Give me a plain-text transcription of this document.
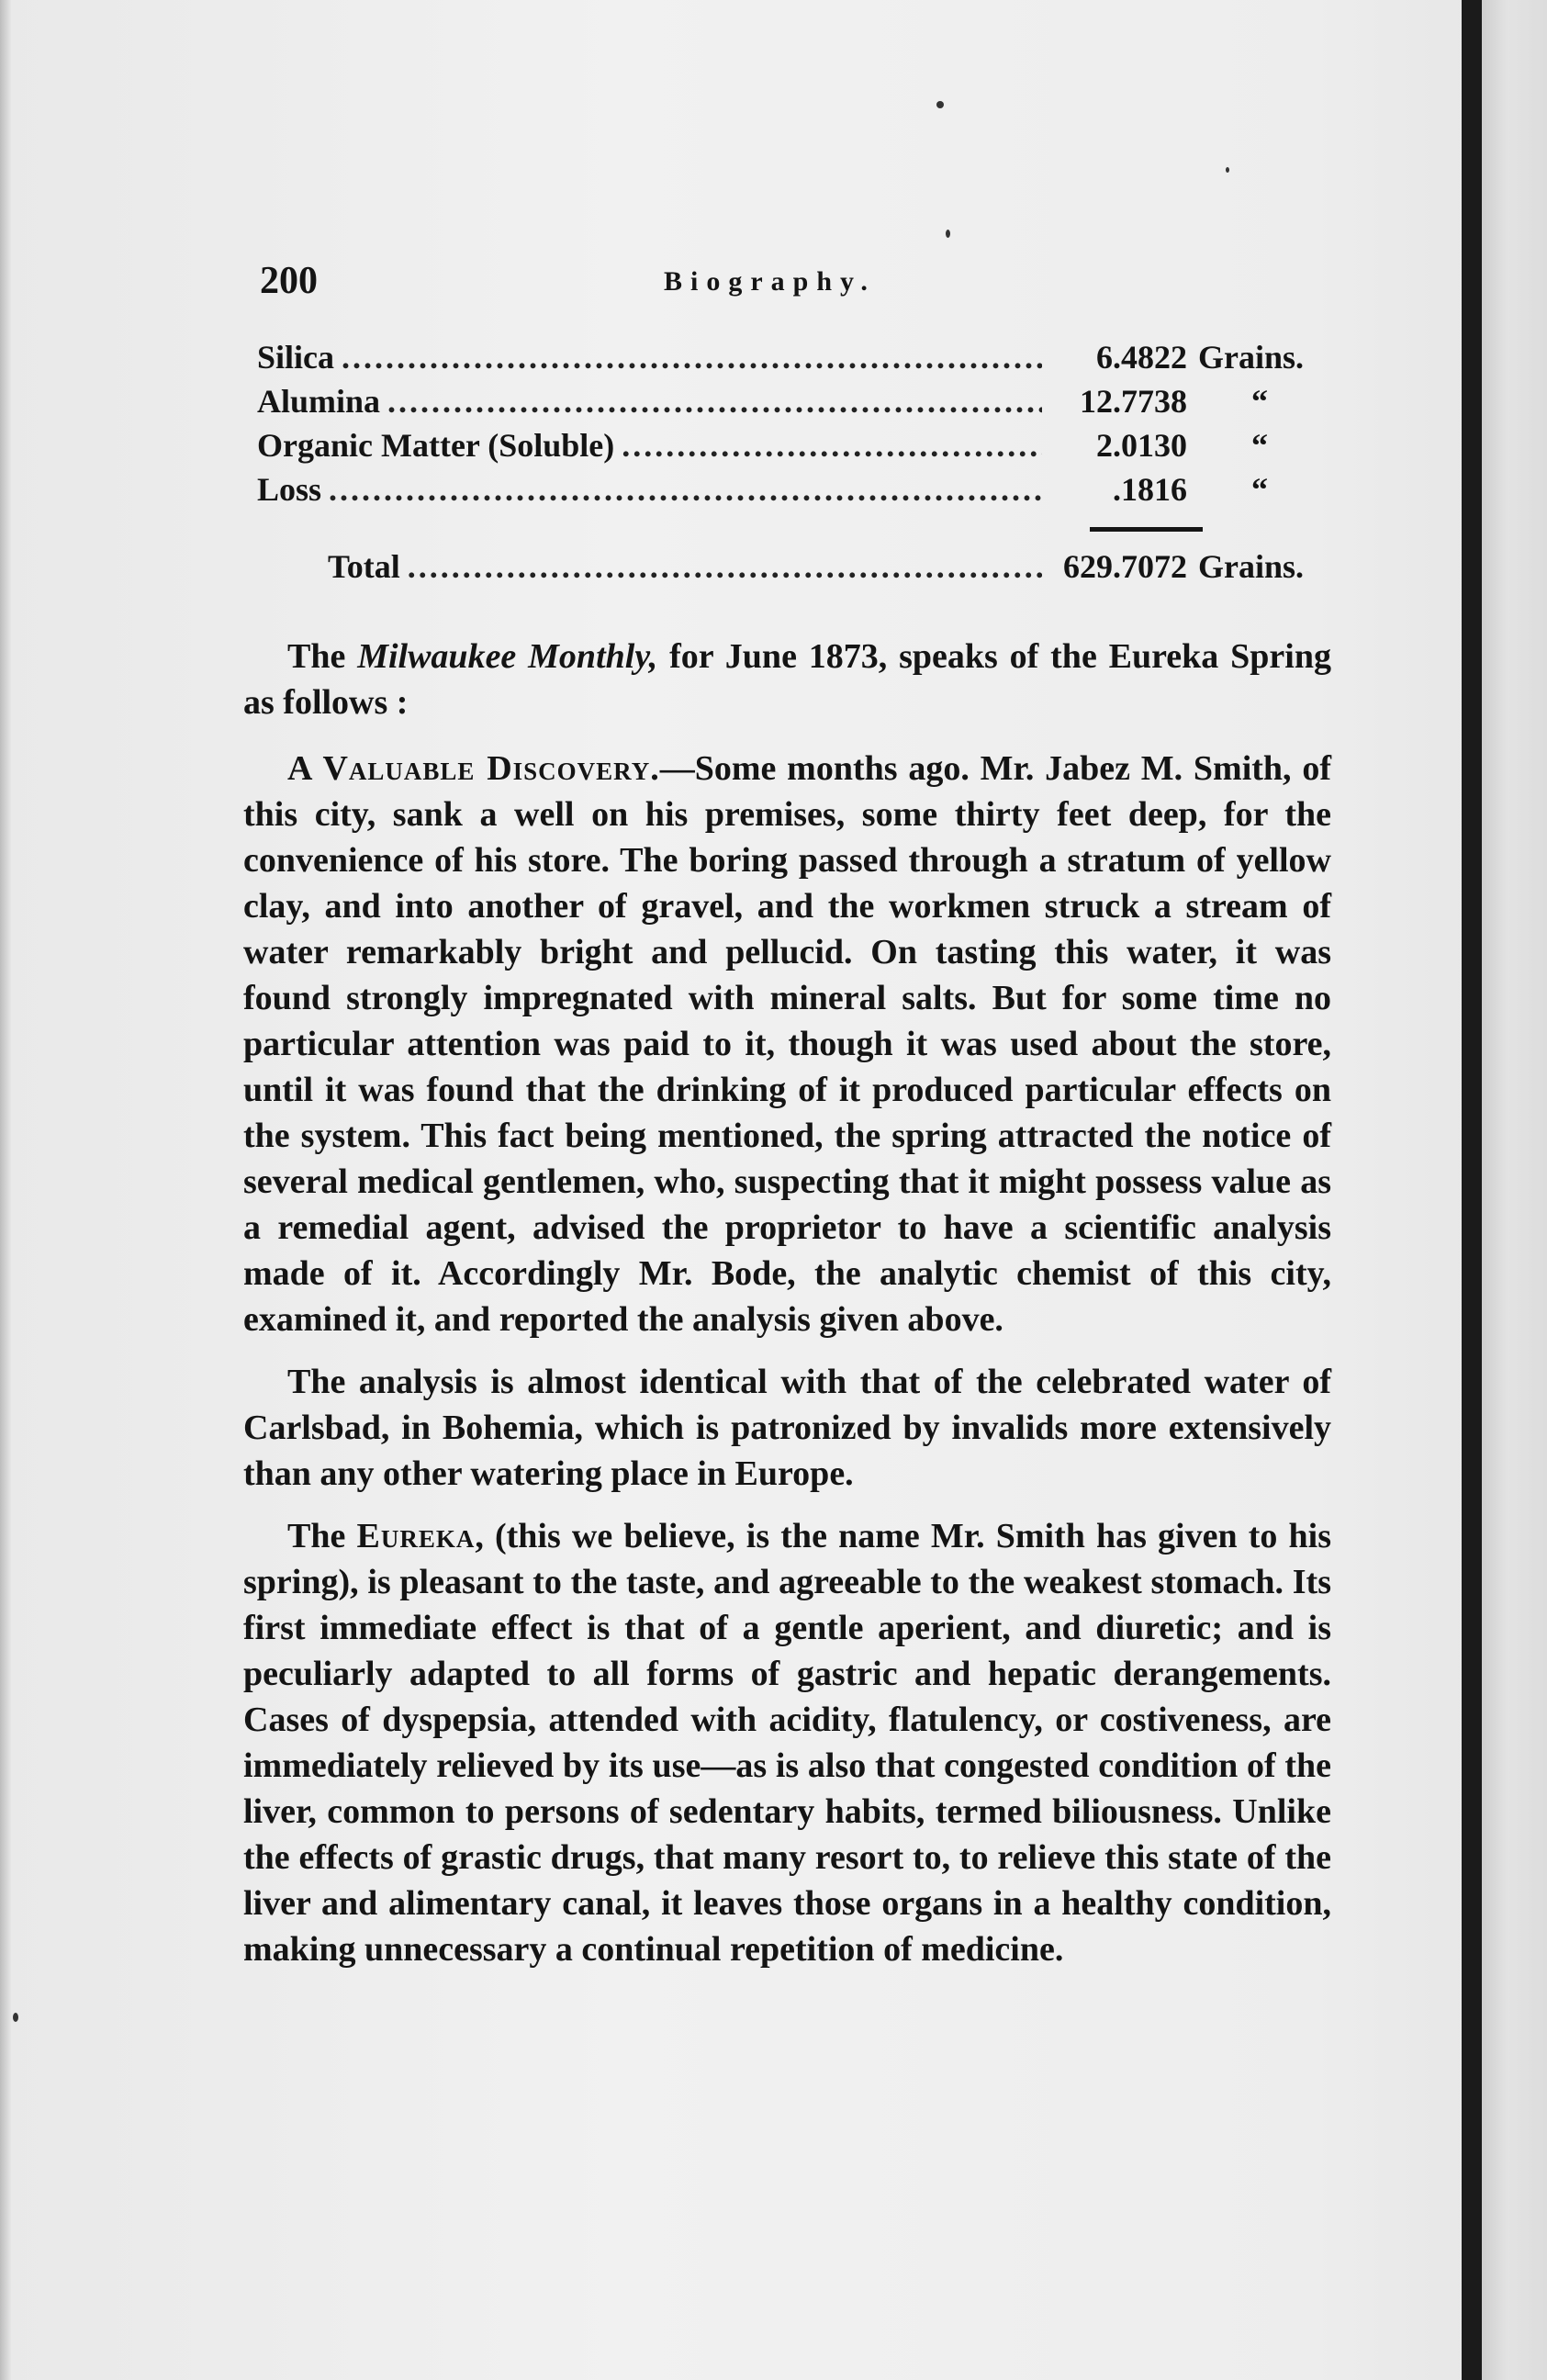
200	Biography.
Silica .....	6.4822 Grains.
Alumina .....	12.7738	“
Organic Matter (Soluble) .....	2.0130	“
Loss .....	.1816	“
Total .....	629.7072 Grains.

The Milwaukee Monthly, for June 1873, speaks of the Eureka Spring as follows :

A Valuable Discovery.—Some months ago. Mr. Jabez M. Smith, of this city, sank a well on his premises, some thirty feet deep, for the convenience of his store. The boring passed through a stratum of yellow clay, and into another of gravel, and the workmen struck a stream of water remarkably bright and pellucid. On tasting this water, it was found strongly impregnated with mineral salts. But for some time no particular attention was paid to it, though it was used about the store, until it was found that the drinking of it produced particular effects on the system. This fact being mentioned, the spring attracted the notice of several medical gentlemen, who, suspecting that it might possess value as a remedial agent, advised the proprietor to have a scientific analysis made of it. Accordingly Mr. Bode, the analytic chemist of this city, examined it, and reported the analysis given above.

The analysis is almost identical with that of the celebrated water of Carlsbad, in Bohemia, which is patronized by invalids more extensively than any other watering place in Europe.

The Eureka, (this we believe, is the name Mr. Smith has given to his spring), is pleasant to the taste, and agreeable to the weakest stomach. Its first immediate effect is that of a gentle aperient, and diuretic; and is peculiarly adapted to all forms of gastric and hepatic derangements. Cases of dyspepsia, attended with acidity, flatulency, or costiveness, are immediately relieved by its use—as is also that congested condition of the liver, common to persons of sedentary habits, termed biliousness. Unlike the effects of grastic drugs, that many resort to, to relieve this state of the liver and alimentary canal, it leaves those organs in a healthy condition, making unnecessary a continual repetition of medicine.
